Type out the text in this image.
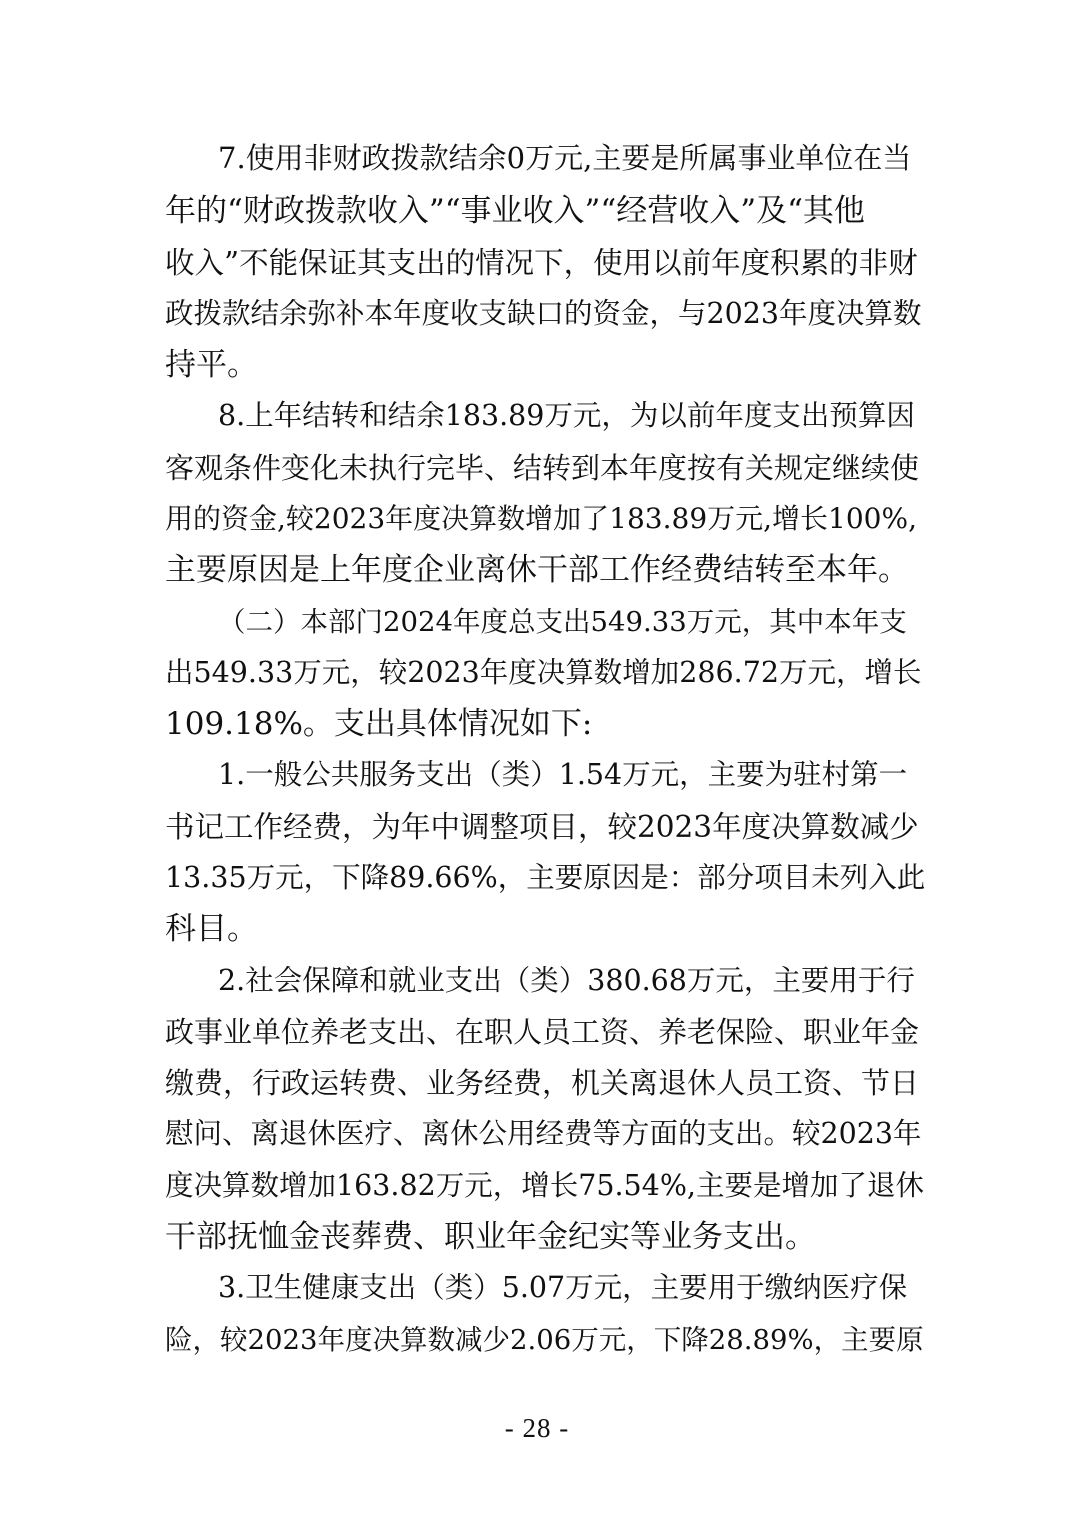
7.使用非财政拨款结余0万元,主要是所属事业单位在当
年的“财政拨款收入”“事业收入”“经营收入”及“其他
收入”不能保证其支出的情况下，使用以前年度积累的非财
政拨款结余弥补本年度收支缺口的资金，与2023年度决算数
持平。
8.上年结转和结余183.89万元，为以前年度支出预算因
客观条件变化未执行完毕、结转到本年度按有关规定继续使
用的资金,较2023年度决算数增加了183.89万元,增长100%,
主要原因是上年度企业离休干部工作经费结转至本年。
（二）本部门2024年度总支出549.33万元，其中本年支
出549.33万元，较2023年度决算数增加286.72万元，增长
109.18%。支出具体情况如下:
1.一般公共服务支出（类）1.54万元，主要为驻村第一
书记工作经费，为年中调整项目，较2023年度决算数减少
13.35万元，下降89.66%，主要原因是：部分项目未列入此
科目。
2.社会保障和就业支出（类）380.68万元，主要用于行
政事业单位养老支出、在职人员工资、养老保险、职业年金
缴费，行政运转费、业务经费，机关离退休人员工资、节日
慰问、离退休医疗、离休公用经费等方面的支出。较2023年
度决算数增加163.82万元，增长75.54%,主要是增加了退休
干部抚恤金丧葬费、职业年金纪实等业务支出。
3.卫生健康支出（类）5.07万元，主要用于缴纳医疗保
险，较2023年度决算数减少2.06万元，下降28.89%，主要原
- 28 -
